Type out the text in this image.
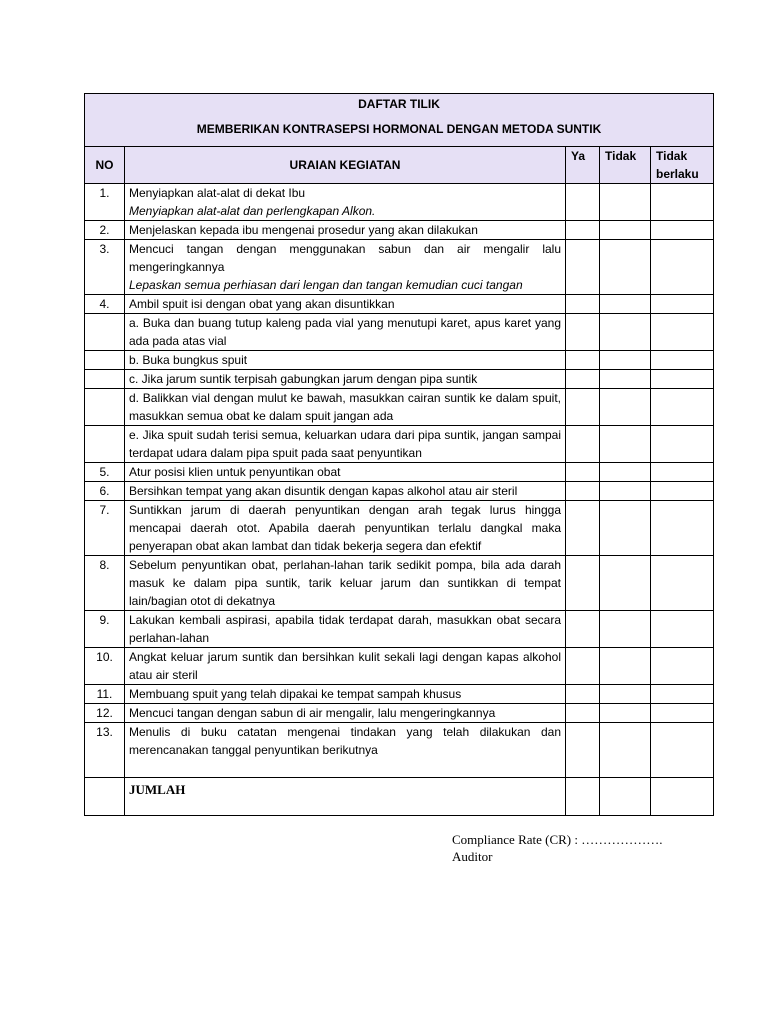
DAFTAR TILIK
MEMBERIKAN KONTRASEPSI HORMONAL DENGAN METODA SUNTIK				

NO	URAIAN KEGIATAN	Ya	Tidak	Tidak berlaku
1.	Menyiapkan alat-alat di dekat Ibu
Menyiapkan alat-alat dan perlengkapan Alkon.			

2.	Menjelaskan kepada ibu mengenai prosedur yang akan dilakukan			

3.	Mencuci tangan dengan menggunakan sabun dan air mengalir lalu mengeringkannya
Lepaskan semua perhiasan dari lengan dan tangan kemudian cuci tangan			

4.	Ambil spuit isi dengan obat yang akan disuntikkan			

	a. Buka dan buang tutup kaleng pada vial yang menutupi karet, apus karet yang ada pada atas vial			

	b. Buka bungkus spuit			

	c. Jika jarum suntik terpisah gabungkan jarum dengan pipa suntik			

	d. Balikkan vial dengan mulut ke bawah, masukkan cairan suntik ke dalam spuit, masukkan semua obat ke dalam spuit jangan ada			

	e. Jika spuit sudah terisi semua, keluarkan udara dari pipa suntik, jangan sampai terdapat udara dalam pipa spuit pada saat penyuntikan			

5.	Atur posisi klien untuk penyuntikan obat			

6.	Bersihkan tempat yang akan disuntik dengan kapas alkohol atau air steril			

7.	Suntikkan jarum di daerah penyuntikan dengan arah tegak lurus hingga mencapai daerah otot. Apabila daerah penyuntikan terlalu dangkal maka penyerapan obat akan lambat dan tidak bekerja segera dan efektif			

8.	Sebelum penyuntikan obat, perlahan-lahan tarik sedikit pompa, bila ada darah masuk ke dalam pipa suntik, tarik keluar jarum dan suntikkan di tempat lain/bagian otot di dekatnya			

9.	Lakukan kembali aspirasi, apabila tidak terdapat darah, masukkan obat secara perlahan-lahan			

10.	Angkat keluar jarum suntik dan bersihkan kulit sekali lagi dengan kapas alkohol atau air steril			

11.	Membuang spuit yang telah dipakai ke tempat sampah khusus			

12.	Mencuci tangan dengan sabun di air mengalir, lalu mengeringkannya			

13.	Menulis di buku catatan mengenai tindakan yang telah dilakukan dan merencanakan tanggal penyuntikan berikutnya			

	JUMLAH			
Compliance Rate (CR) : ……………….
Auditor
